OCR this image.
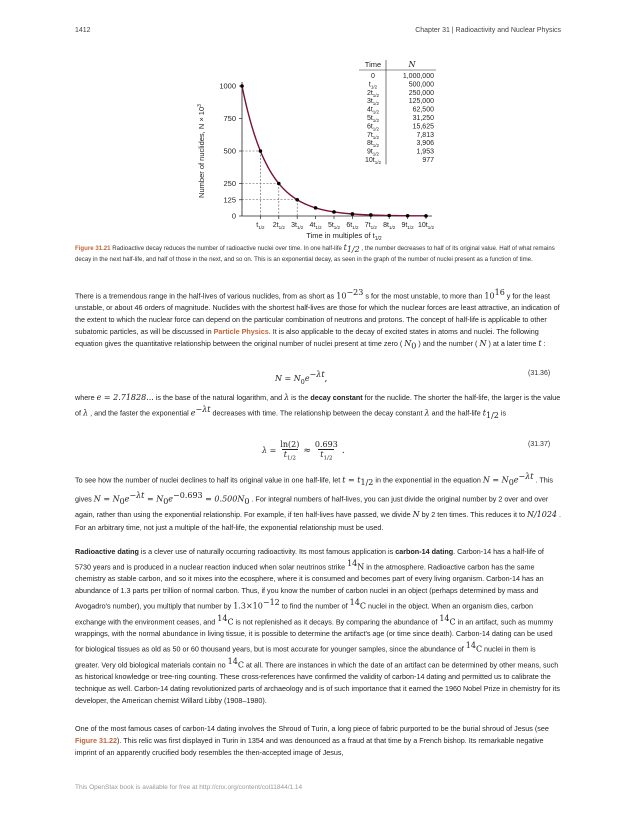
1412	Chapter 31 | Radioactivity and Nuclear Physics
0
125
250
500
750
1000
$t_{1/2}$ $2t_{1/2}$ $3t_{1/2}$ $4t_{1/2}$ $5t_{1/2}$ $6t_{1/2}$ $7t_{1/2}$ $8t_{1/2}$ $9t_{1/2}$ $10t_{1/2}$
Time in multiples of $t_{1/2}$
Number of nuclides, $N \times 10^3$
Time	N
0	1,000,000
$t_{1/2}$	500,000
$2t_{1/2}$	250,000
$3t_{1/2}$	125,000
$4t_{1/2}$	62,500
$5t_{1/2}$	31,250
$6t_{1/2}$	15,625
$7t_{1/2}$	7,813
$8t_{1/2}$	3,906
$9t_{1/2}$	1,953
$10t_{1/2}$	977
Figure 31.21 Radioactive decay reduces the number of radioactive nuclei over time. In one half-life $t_{1/2}$ , the number decreases to half of its original value. Half of what remains decay in the next half-life, and half of those in the next, and so on. This is an exponential decay, as seen in the graph of the number of nuclei present as a function of time.

There is a tremendous range in the half-lives of various nuclides, from as short as $10^{-23}$ s for the most unstable, to more than $10^{16}$ y for the least unstable, or about 46 orders of magnitude. Nuclides with the shortest half-lives are those for which the nuclear forces are least attractive, an indication of the extent to which the nuclear force can depend on the particular combination of neutrons and protons. The concept of half-life is applicable to other subatomic particles, as will be discussed in Particle Physics. It is also applicable to the decay of excited states in atoms and nuclei. The following equation gives the quantitative relationship between the original number of nuclei present at time zero ( $N_0$ ) and the number ( N ) at a later time t :

$N = N_0e^{-\lambda t}$,
(31.36)

where e = 2.71828... is the base of the natural logarithm, and λ is the decay constant for the nuclide. The shorter the half-life, the larger is the value of λ , and the faster the exponential $e^{-\lambda t}$ decreases with time. The relationship between the decay constant λ and the half-life $t_{1/2}$ is

$\lambda = \frac{\ln(2)}{t_{1/2}} \approx \frac{0.693}{t_{1/2}}$ .
(31.37)

To see how the number of nuclei declines to half its original value in one half-life, let $t = t_{1/2}$ in the exponential in the equation $N = N_0e^{-\lambda t}$ . This gives $N = N_0e^{-\lambda t} = N_0e^{-0.693} = 0.500N_0$ . For integral numbers of half-lives, you can just divide the original number by 2 over and over again, rather than using the exponential relationship. For example, if ten half-lives have passed, we divide N by 2 ten times. This reduces it to N/1024 . For an arbitrary time, not just a multiple of the half-life, the exponential relationship must be used.

Radioactive dating is a clever use of naturally occurring radioactivity. Its most famous application is carbon-14 dating. Carbon-14 has a half-life of 5730 years and is produced in a nuclear reaction induced when solar neutrinos strike $^{14}$N in the atmosphere. Radioactive carbon has the same chemistry as stable carbon, and so it mixes into the ecosphere, where it is consumed and becomes part of every living organism. Carbon-14 has an abundance of 1.3 parts per trillion of normal carbon. Thus, if you know the number of carbon nuclei in an object (perhaps determined by mass and Avogadro's number), you multiply that number by $1.3\times 10^{-12}$ to find the number of $^{14}$C nuclei in the object. When an organism dies, carbon exchange with the environment ceases, and $^{14}$C is not replenished as it decays. By comparing the abundance of $^{14}$C in an artifact, such as mummy wrappings, with the normal abundance in living tissue, it is possible to determine the artifact's age (or time since death). Carbon-14 dating can be used for biological tissues as old as 50 or 60 thousand years, but is most accurate for younger samples, since the abundance of $^{14}$C nuclei in them is greater. Very old biological materials contain no $^{14}$C at all. There are instances in which the date of an artifact can be determined by other means, such as historical knowledge or tree-ring counting. These cross-references have confirmed the validity of carbon-14 dating and permitted us to calibrate the technique as well. Carbon-14 dating revolutionized parts of archaeology and is of such importance that it earned the 1960 Nobel Prize in chemistry for its developer, the American chemist Willard Libby (1908–1980).

One of the most famous cases of carbon-14 dating involves the Shroud of Turin, a long piece of fabric purported to be the burial shroud of Jesus (see Figure 31.22). This relic was first displayed in Turin in 1354 and was denounced as a fraud at that time by a French bishop. Its remarkable negative imprint of an apparently crucified body resembles the then-accepted image of Jesus,

This OpenStax book is available for free at http://cnx.org/content/col11844/1.14
